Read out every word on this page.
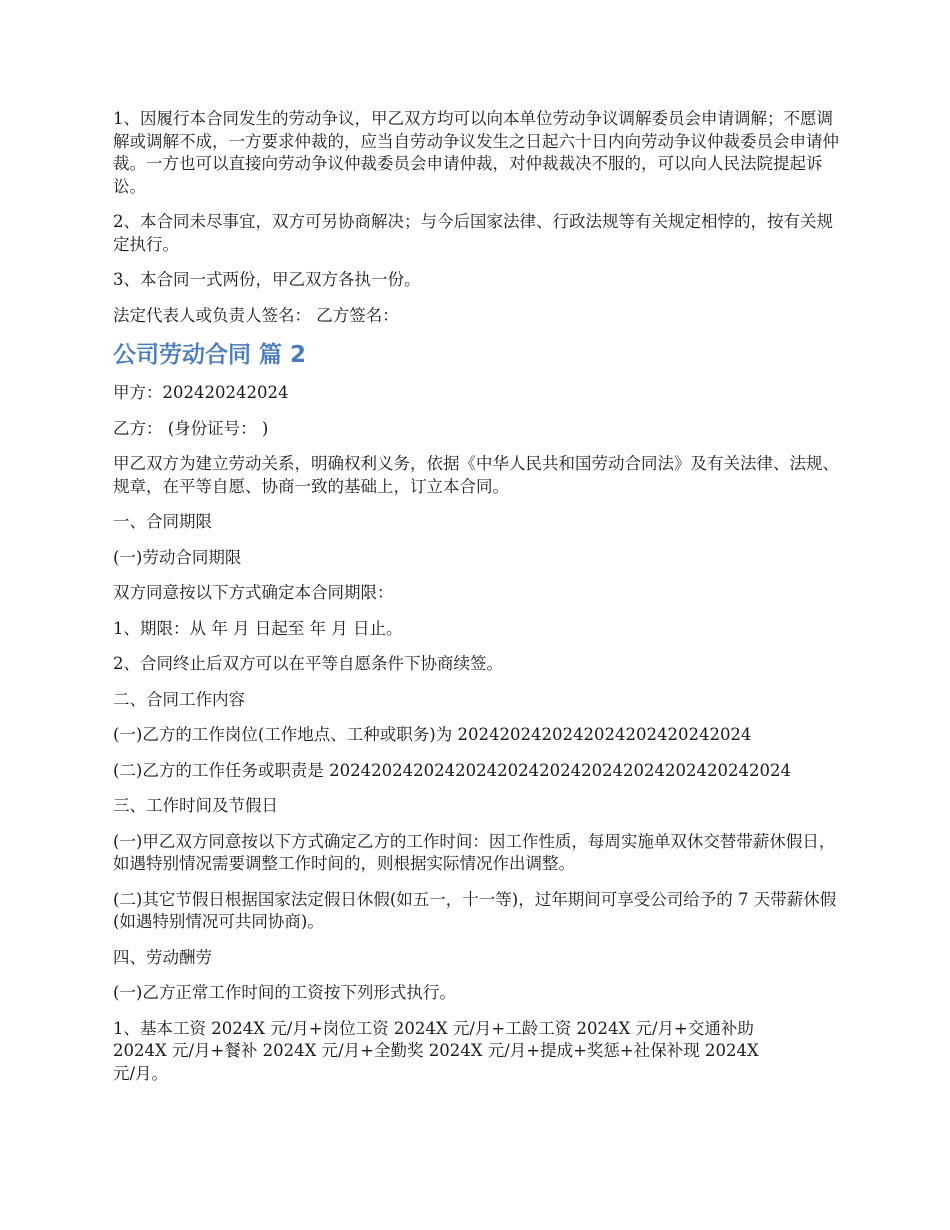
1、因履行本合同发生的劳动争议，甲乙双方均可以向本单位劳动争议调解委员会申请调解；不愿调解或调解不成，一方要求仲裁的，应当自劳动争议发生之日起六十日内向劳动争议仲裁委员会申请仲裁。一方也可以直接向劳动争议仲裁委员会申请仲裁，对仲裁裁决不服的，可以向人民法院提起诉讼。

2、本合同未尽事宜，双方可另协商解决；与今后国家法律、行政法规等有关规定相悖的，按有关规定执行。

3、本合同一式两份，甲乙双方各执一份。

法定代表人或负责人签名： 乙方签名：

公司劳动合同 篇 2

甲方：202420242024

乙方： (身份证号： )

甲乙双方为建立劳动关系，明确权利义务，依据《中华人民共和国劳动合同法》及有关法律、法规、规章，在平等自愿、协商一致的基础上，订立本合同。

一、合同期限

(一)劳动合同期限

双方同意按以下方式确定本合同期限：

1、期限：从 年 月 日起至 年 月 日止。

2、合同终止后双方可以在平等自愿条件下协商续签。

二、合同工作内容

(一)乙方的工作岗位(工作地点、工种或职务)为 2024202420242024202420242024

(二)乙方的工作任务或职责是 20242024202420242024202420242024202420242024

三、工作时间及节假日

(一)甲乙双方同意按以下方式确定乙方的工作时间：因工作性质，每周实施单双休交替带薪休假日，如遇特别情况需要调整工作时间的，则根据实际情况作出调整。

(二)其它节假日根据国家法定假日休假(如五一，十一等)，过年期间可享受公司给予的 7 天带薪休假(如遇特别情况可共同协商)。

四、劳动酬劳

(一)乙方正常工作时间的工资按下列形式执行。

1、基本工资 2024X 元/月+岗位工资 2024X 元/月+工龄工资 2024X 元/月+交通补助
2024X 元/月+餐补 2024X 元/月+全勤奖 2024X 元/月+提成+奖惩+社保补现 2024X
元/月。
